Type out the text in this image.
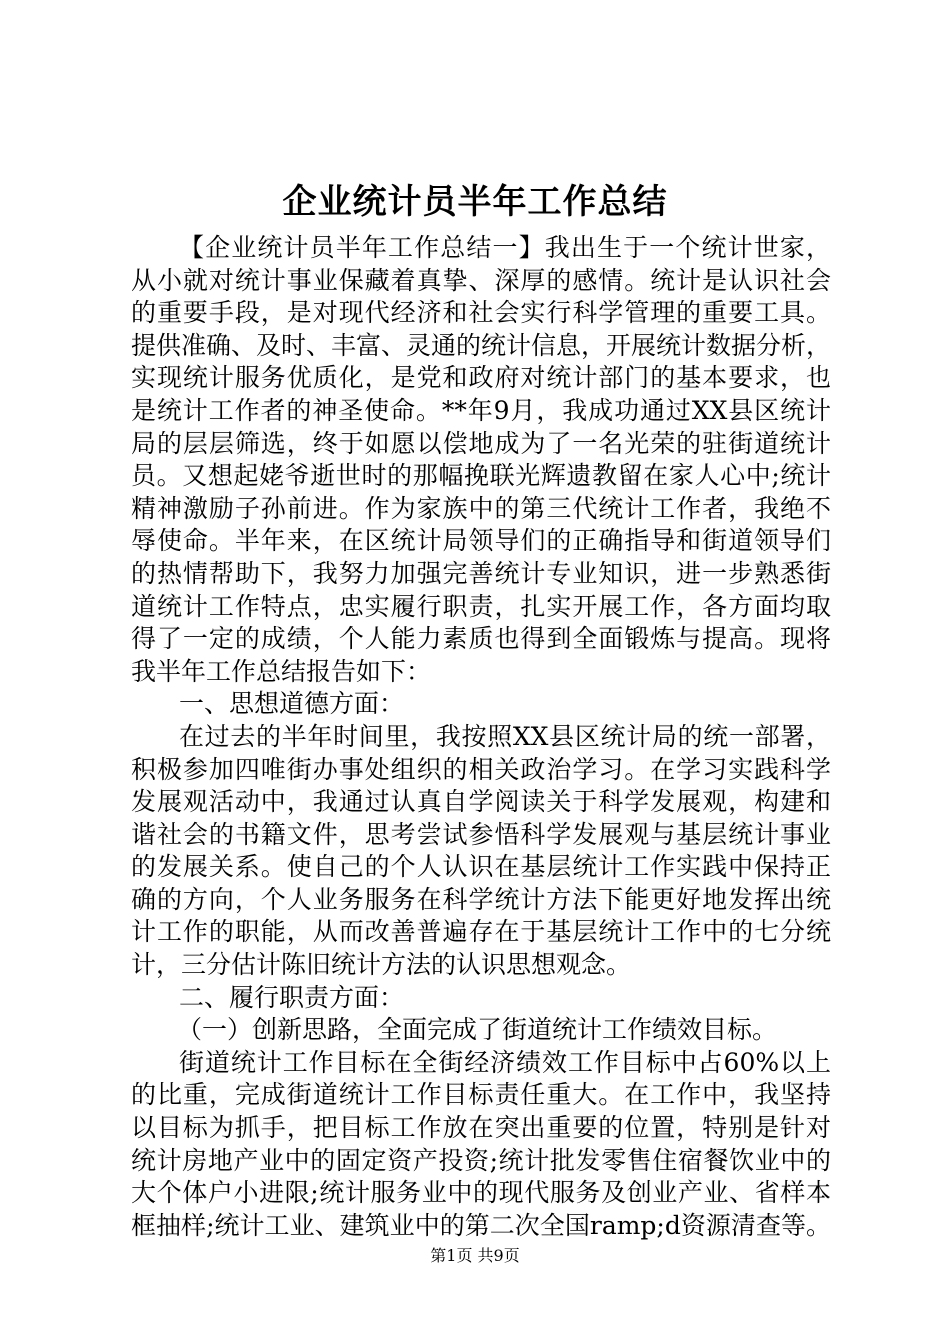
企业统计员半年工作总结
【企业统计员半年工作总结一】我出生于一个统计世家，
从小就对统计事业保藏着真挚、深厚的感情。统计是认识社会
的重要手段，是对现代经济和社会实行科学管理的重要工具。
提供准确、及时、丰富、灵通的统计信息，开展统计数据分析，
实现统计服务优质化，是党和政府对统计部门的基本要求，也
是统计工作者的神圣使命。**年9月，我成功通过XX县区统计
局的层层筛选，终于如愿以偿地成为了一名光荣的驻街道统计
员。又想起姥爷逝世时的那幅挽联光辉遗教留在家人心中;统计
精神激励子孙前进。作为家族中的第三代统计工作者，我绝不
辱使命。半年来，在区统计局领导们的正确指导和街道领导们
的热情帮助下，我努力加强完善统计专业知识，进一步熟悉街
道统计工作特点，忠实履行职责，扎实开展工作，各方面均取
得了一定的成绩，个人能力素质也得到全面锻炼与提高。现将
我半年工作总结报告如下：
一、思想道德方面：
在过去的半年时间里，我按照XX县区统计局的统一部署，
积极参加四唯街办事处组织的相关政治学习。在学习实践科学
发展观活动中，我通过认真自学阅读关于科学发展观，构建和
谐社会的书籍文件，思考尝试参悟科学发展观与基层统计事业
的发展关系。使自己的个人认识在基层统计工作实践中保持正
确的方向，个人业务服务在科学统计方法下能更好地发挥出统
计工作的职能，从而改善普遍存在于基层统计工作中的七分统
计，三分估计陈旧统计方法的认识思想观念。
二、履行职责方面：
（一）创新思路，全面完成了街道统计工作绩效目标。
街道统计工作目标在全街经济绩效工作目标中占60%以上
的比重，完成街道统计工作目标责任重大。在工作中，我坚持
以目标为抓手，把目标工作放在突出重要的位置，特别是针对
统计房地产业中的固定资产投资;统计批发零售住宿餐饮业中的
大个体户小进限;统计服务业中的现代服务及创业产业、省样本
框抽样;统计工业、建筑业中的第二次全国ramp;d资源清查等。
第1页 共9页
